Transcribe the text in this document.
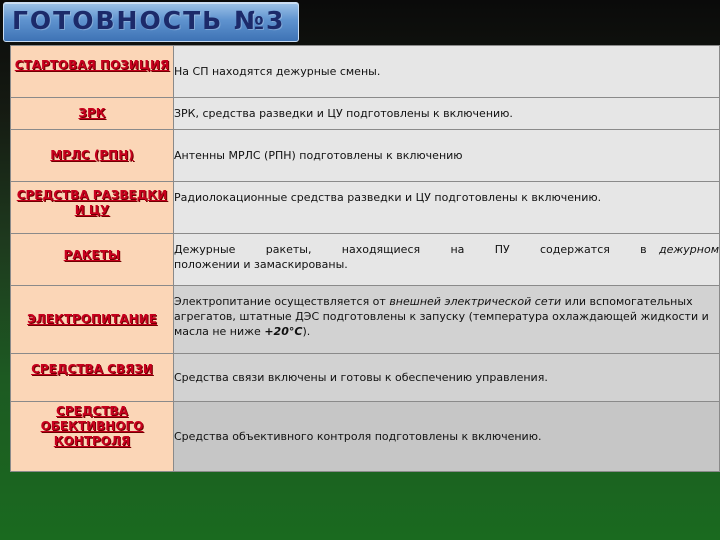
ГОТОВНОСТЬ №3
СТАРТОВАЯ ПОЗИЦИЯ	На СП находятся дежурные смены.
ЗРК	ЗРК, средства разведки и ЦУ подготовлены к включению.
МРЛС (РПН)	Антенны МРЛС (РПН) подготовлены к включению
СРЕДСТВА РАЗВЕДКИ И ЦУ	Радиолокационные средства разведки и ЦУ подготовлены к включению.
РАКЕТЫ	Дежурные ракеты, находящиеся на ПУ содержатся в дежурном положении и замаскированы.
ЭЛЕКТРОПИТАНИЕ	Электропитание осуществляется от внешней электрической сети или вспомогательных агрегатов, штатные ДЭС подготовлены к запуску (температура охлаждающей жидкости и масла не ниже +20°С).
СРЕДСТВА СВЯЗИ	Средства связи включены и готовы к обеспечению управления.
СРЕДСТВА ОБЕКТИВНОГО КОНТРОЛЯ	Средства объективного контроля подготовлены к включению.
